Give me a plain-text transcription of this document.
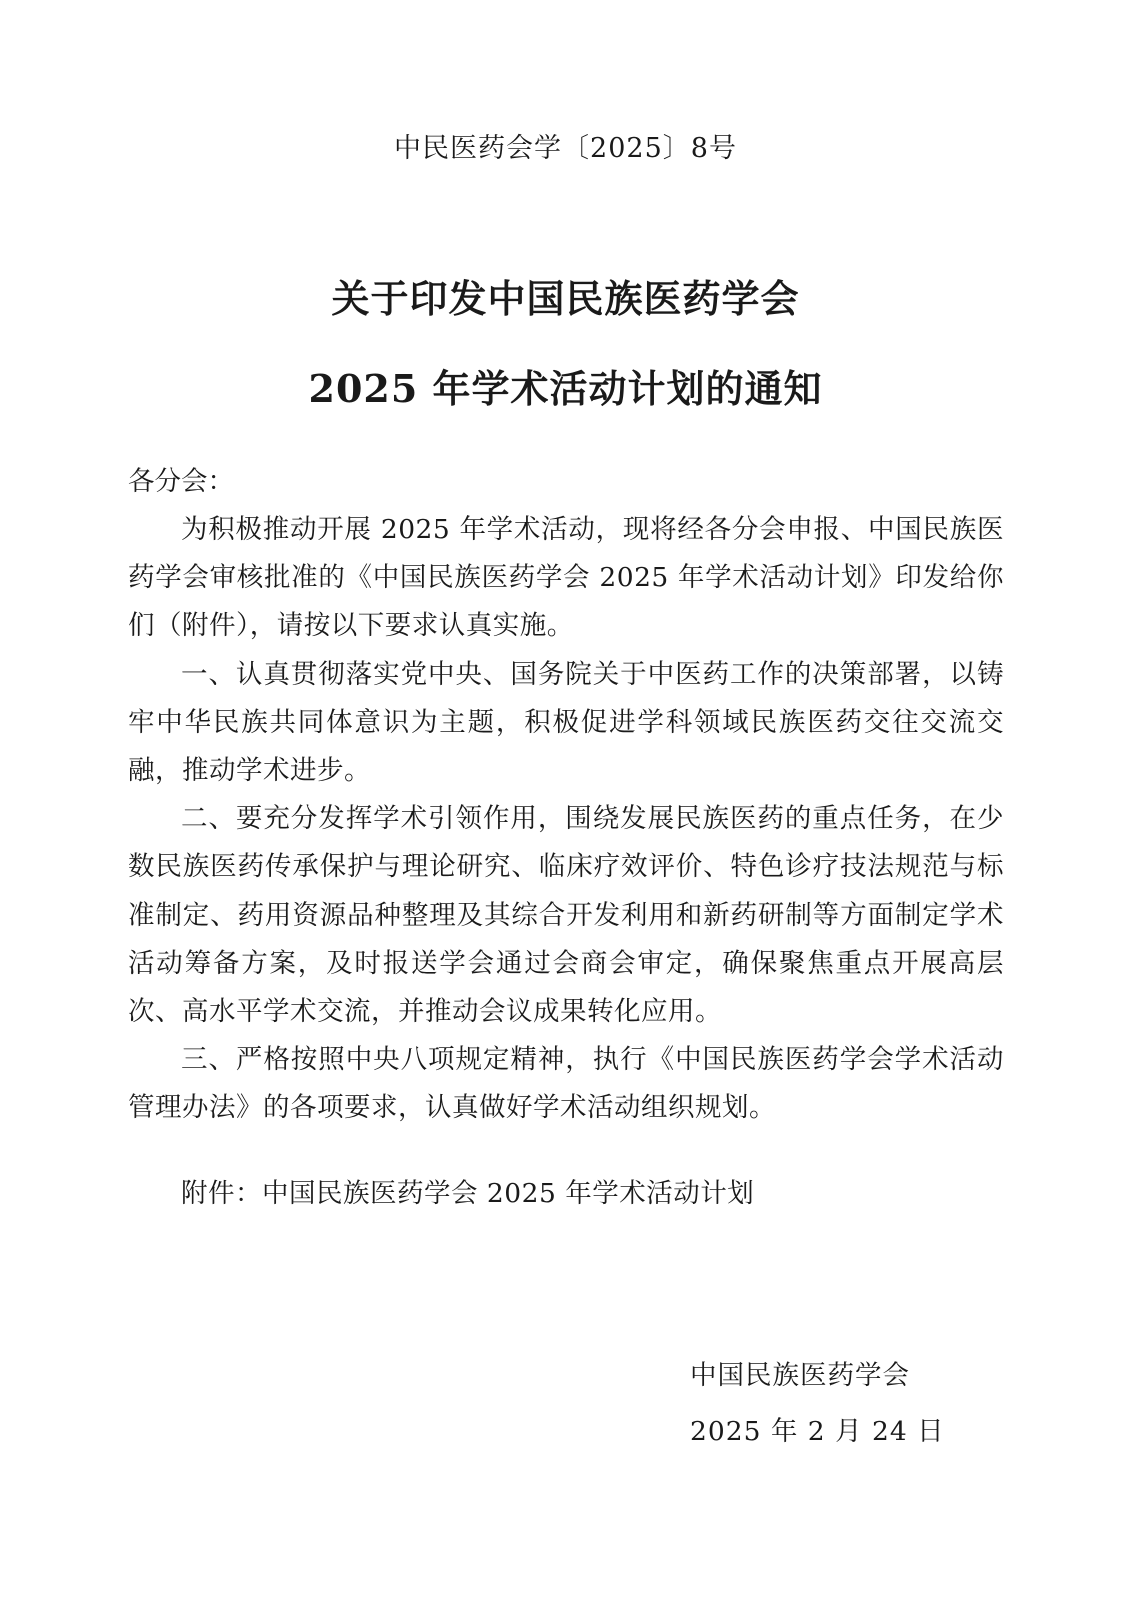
中民医药会学〔2025〕8号
关于印发中国民族医药学会
2025 年学术活动计划的通知
各分会：

为积极推动开展 2025 年学术活动，现将经各分会申报、中国民族医药学会审核批准的《中国民族医药学会 2025 年学术活动计划》印发给你们（附件），请按以下要求认真实施。

一、认真贯彻落实党中央、国务院关于中医药工作的决策部署，以铸牢中华民族共同体意识为主题，积极促进学科领域民族医药交往交流交融，推动学术进步。

二、要充分发挥学术引领作用，围绕发展民族医药的重点任务，在少数民族医药传承保护与理论研究、临床疗效评价、特色诊疗技法规范与标准制定、药用资源品种整理及其综合开发利用和新药研制等方面制定学术活动筹备方案，及时报送学会通过会商会审定，确保聚焦重点开展高层次、高水平学术交流，并推动会议成果转化应用。

三、严格按照中央八项规定精神，执行《中国民族医药学会学术活动管理办法》的各项要求，认真做好学术活动组织规划。

附件：中国民族医药学会 2025 年学术活动计划
中国民族医药学会
2025 年 2 月 24 日
